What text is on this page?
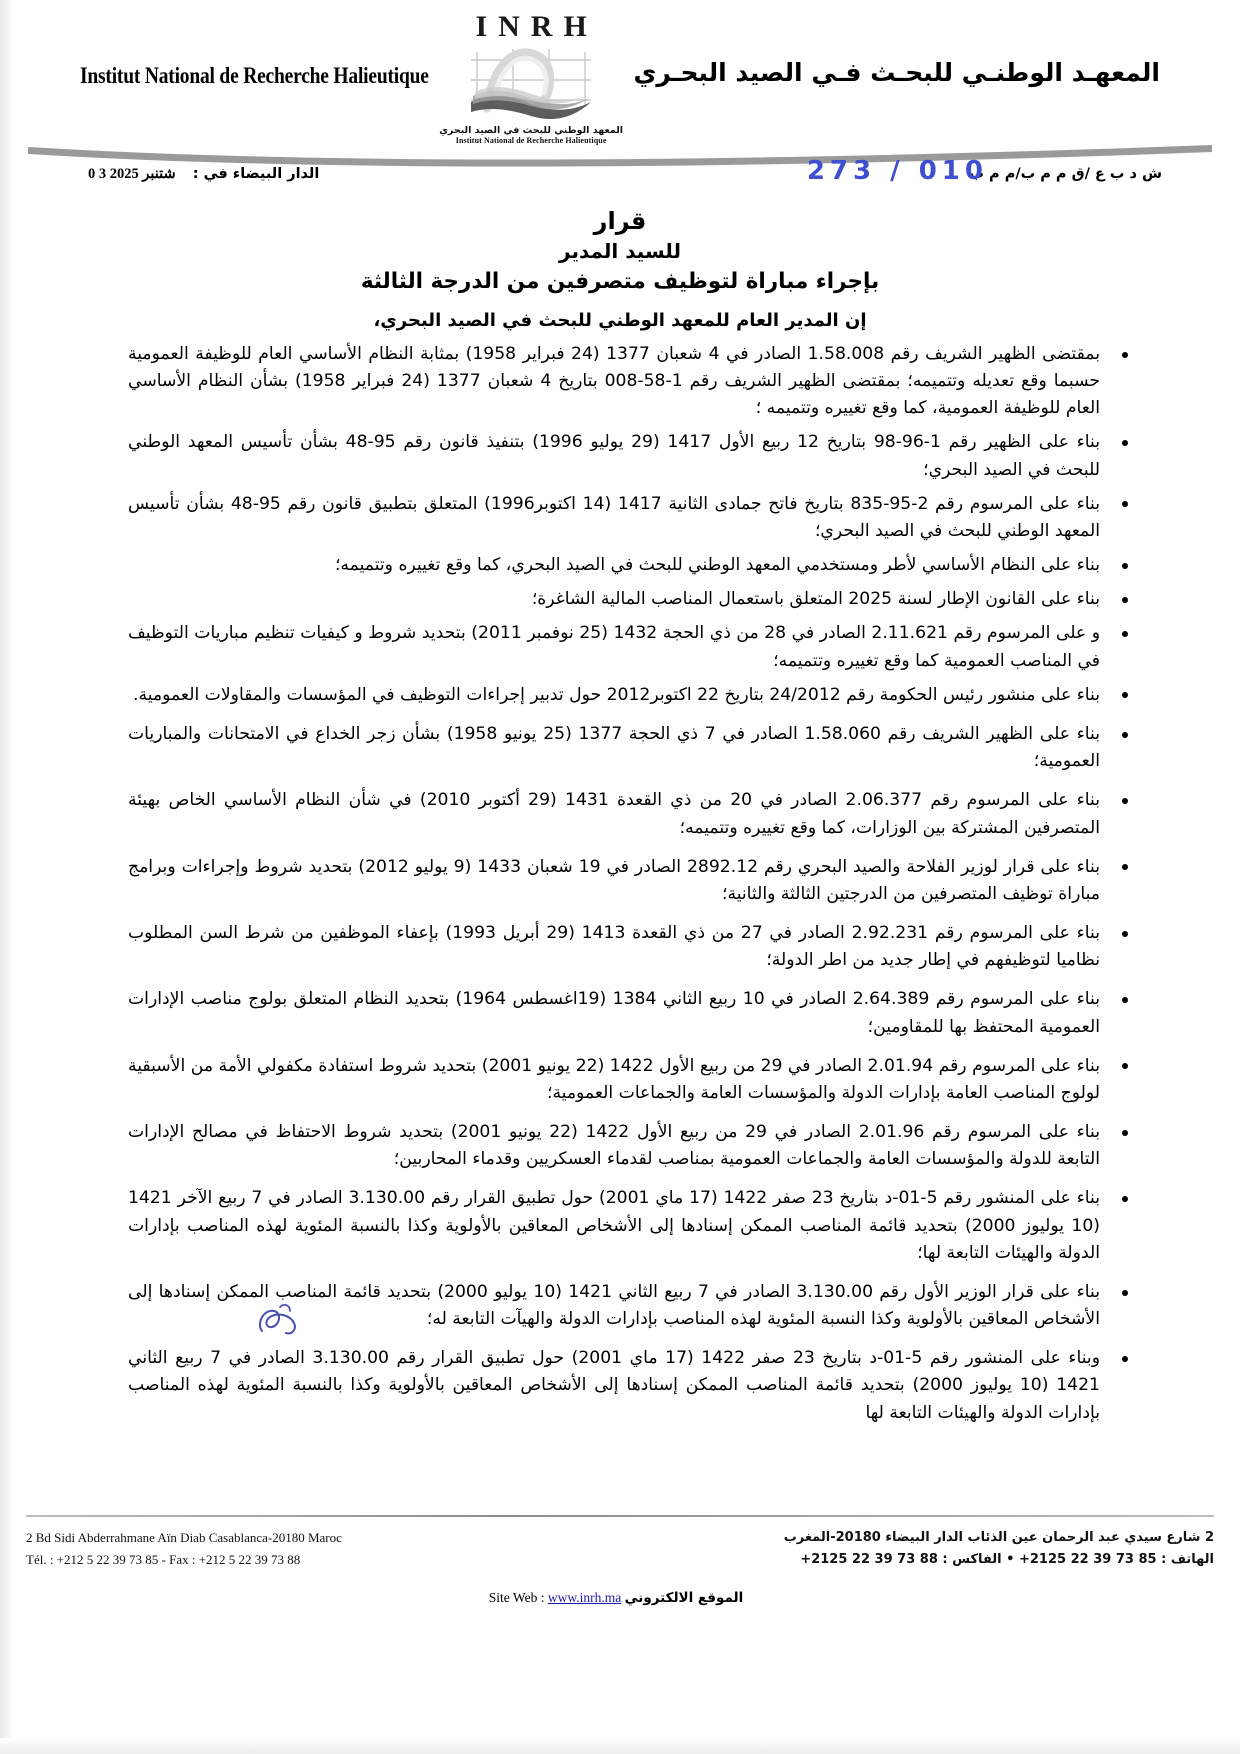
Institut National de Recherche Halieutique
INRH
المعهد الوطني للبحث في الصيد البحري
Institut National de Recherche Halieutique
المعهـد الوطنـي للبحـث فـي الصيد البحـري
الدار البيضاء في : 0 3 شتنبر 2025	ش د ب ع /ق م م ب/م م ب
273 / 010
قرار
للسيد المدير
بإجراء مباراة لتوظيف متصرفين من الدرجة الثالثة
إن المدير العام للمعهد الوطني للبحث في الصيد البحري،
بمقتضى الظهير الشريف رقم 1.58.008 الصادر في 4 شعبان 1377 (24 فبراير 1958) بمثابة النظام الأساسي العام للوظيفة العمومية حسبما وقع تعديله وتتميمه؛ بمقتضى الظهير الشريف رقم 1-58-008 بتاريخ 4 شعبان 1377 (24 فبراير 1958) بشأن النظام الأساسي العام للوظيفة العمومية، كما وقع تغييره وتتميمه ؛
بناء على الظهير رقم 1-96-98 بتاريخ 12 ربيع الأول 1417 (29 يوليو 1996) بتنفيذ قانون رقم 95-48 بشأن تأسيس المعهد الوطني للبحث في الصيد البحري؛
بناء على المرسوم رقم 2-95-835 بتاريخ فاتح جمادى الثانية 1417 (14 اكتوبر1996) المتعلق بتطبيق قانون رقم 95-48 بشأن تأسيس المعهد الوطني للبحث في الصيد البحري؛
بناء على النظام الأساسي لأطر ومستخدمي المعهد الوطني للبحث في الصيد البحري، كما وقع تغييره وتتميمه؛
بناء على القانون الإطار لسنة 2025 المتعلق باستعمال المناصب المالية الشاغرة؛
و على المرسوم رقم 2.11.621 الصادر في 28 من ذي الحجة 1432 (25 نوفمبر 2011) بتحديد شروط و كيفيات تنظيم مباريات التوظيف في المناصب العمومية كما وقع تغييره وتتميمه؛
بناء على منشور رئيس الحكومة رقم 24/2012 بتاريخ 22 اكتوبر2012 حول تدبير إجراءات التوظيف في المؤسسات والمقاولات العمومية.
بناء على الظهير الشريف رقم 1.58.060 الصادر في 7 ذي الحجة 1377 (25 يونيو 1958) بشأن زجر الخداع في الامتحانات والمباريات العمومية؛
بناء على المرسوم رقم 2.06.377 الصادر في 20 من ذي القعدة 1431 (29 أكتوبر 2010) في شأن النظام الأساسي الخاص بهيئة المتصرفين المشتركة بين الوزارات، كما وقع تغييره وتتميمه؛
بناء على قرار لوزير الفلاحة والصيد البحري رقم 2892.12 الصادر في 19 شعبان 1433 (9 يوليو 2012) بتحديد شروط وإجراءات وبرامج مباراة توظيف المتصرفين من الدرجتين الثالثة والثانية؛
بناء على المرسوم رقم 2.92.231 الصادر في 27 من ذي القعدة 1413 (29 أبريل 1993) بإعفاء الموظفين من شرط السن المطلوب نظاميا لتوظيفهم في إطار جديد من اطر الدولة؛
بناء على المرسوم رقم 2.64.389 الصادر في 10 ربيع الثاني 1384 (19اغسطس 1964) بتحديد النظام المتعلق بولوج مناصب الإدارات العمومية المحتفظ بها للمقاومين؛
بناء على المرسوم رقم 2.01.94 الصادر في 29 من ربيع الأول 1422 (22 يونيو 2001) بتحديد شروط استفادة مكفولي الأمة من الأسبقية لولوج المناصب العامة بإدارات الدولة والمؤسسات العامة والجماعات العمومية؛
بناء على المرسوم رقم 2.01.96 الصادر في 29 من ربيع الأول 1422 (22 يونيو 2001) بتحديد شروط الاحتفاظ في مصالح الإدارات التابعة للدولة والمؤسسات العامة والجماعات العمومية بمناصب لقدماء العسكريين وقدماء المحاربين؛
بناء على المنشور رقم 5-01-د بتاريخ 23 صفر 1422 (17 ماي 2001) حول تطبيق القرار رقم 3.130.00 الصادر في 7 ربيع الآخر 1421 (10 يوليوز 2000) بتحديد قائمة المناصب الممكن إسنادها إلى الأشخاص المعاقين بالأولوية وكذا بالنسبة المئوية لهذه المناصب بإدارات الدولة والهيئات التابعة لها؛
بناء على قرار الوزير الأول رقم 3.130.00 الصادر في 7 ربيع الثاني 1421 (10 يوليو 2000) بتحديد قائمة المناصب الممكن إسنادها إلى الأشخاص المعاقين بالأولوية وكذا النسبة المئوية لهذه المناصب بإدارات الدولة والهيآت التابعة له؛
وبناء على المنشور رقم 5-01-د بتاريخ 23 صفر 1422 (17 ماي 2001) حول تطبيق القرار رقم 3.130.00 الصادر في 7 ربيع الثاني 1421 (10 يوليوز 2000) بتحديد قائمة المناصب الممكن إسنادها إلى الأشخاص المعاقين بالأولوية وكذا بالنسبة المئوية لهذه المناصب بإدارات الدولة والهيئات التابعة لها
2 Bd Sidi Abderrahmane Aïn Diab Casablanca-20180 Maroc
Tél. : +212 5 22 39 73 85 - Fax : +212 5 22 39 73 88
2 شارع سيدي عبد الرحمان عين الذئاب الدار البيضاء 20180-المغرب
الهاتف : 85 73 39 22 2125+ • الفاكس : 88 73 39 22 2125+
Site Web : www.inrh.ma الموقع الالكتروني
